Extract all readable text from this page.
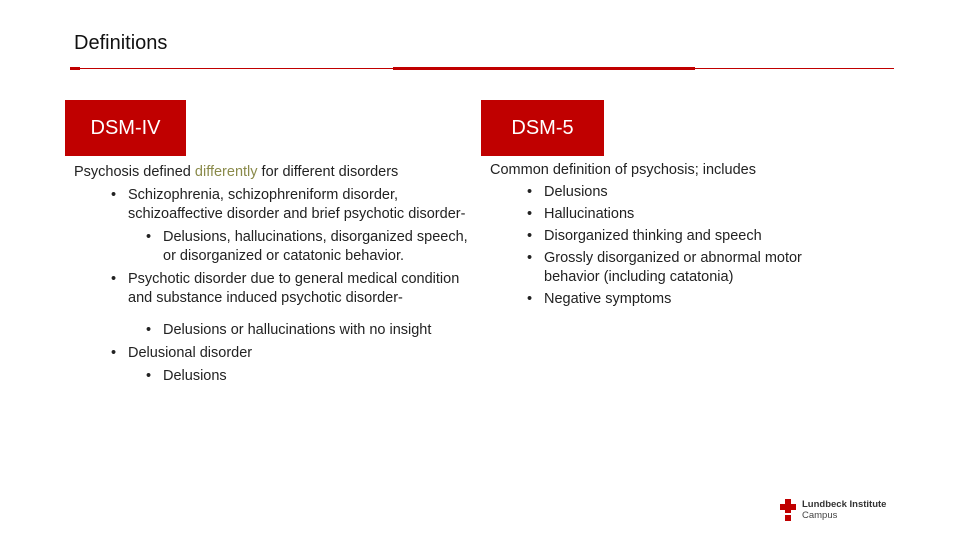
Definitions
DSM-IV	DSM-5

Psychosis defined differently for different disorders

• Schizophrenia, schizophreniform disorder, schizoaffective disorder and brief psychotic disorder-
• Delusions, hallucinations, disorganized speech, or disorganized or catatonic behavior.
• Psychotic disorder due to general medical condition and substance induced psychotic disorder-
• Delusions or hallucinations with no insight
• Delusional disorder
• Delusions

Common definition of psychosis; includes

• Delusions
• Hallucinations
• Disorganized thinking and speech
• Grossly disorganized or abnormal motor behavior (including catatonia)
• Negative symptoms
Lundbeck Institute
Campus
